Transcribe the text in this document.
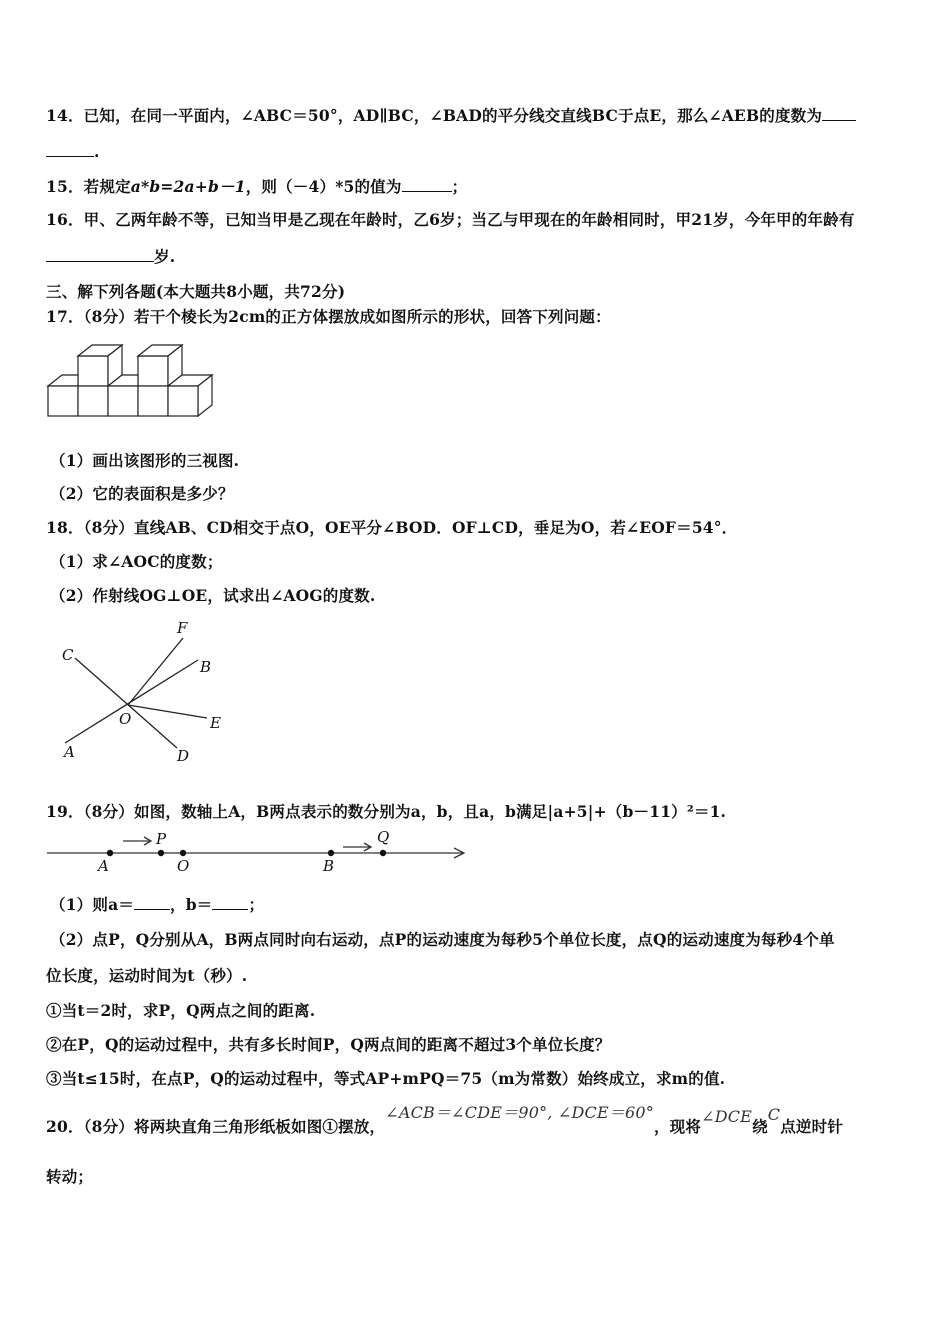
14．已知，在同一平面内，∠ABC＝50°，AD∥BC，∠BAD的平分线交直线BC于点E，那么∠AEB的度数为
.
15．若规定a*b=2a+b－1，则（－4）*5的值为	；
16．甲、乙两年龄不等，已知当甲是乙现在年龄时，乙6岁；当乙与甲现在的年龄相同时，甲21岁，今年甲的年龄有
岁.
三、解下列各题(本大题共8小题，共72分)
17．（8分）若干个棱长为2cm的正方体摆放成如图所示的形状，回答下列问题：
（1）画出该图形的三视图.
（2）它的表面积是多少？
18．（8分）直线AB、CD相交于点O，OE平分∠BOD．OF⊥CD，垂足为O，若∠EOF＝54°．
（1）求∠AOC的度数；
（2）作射线OG⊥OE，试求出∠AOG的度数.
C
F
B
O	E
A	D
19．（8分）如图，数轴上A，B两点表示的数分别为a，b，且a，b满足|a+5|+（b－11）²＝1.
P	Q
A	O	B
（1）则a＝ ，b＝ ；
（2）点P，Q分别从A，B两点同时向右运动，点P的运动速度为每秒5个单位长度，点Q的运动速度为每秒4个单
位长度，运动时间为t（秒）.
①当t＝2时，求P，Q两点之间的距离.
②在P，Q的运动过程中，共有多长时间P，Q两点间的距离不超过3个单位长度？
③当t≤15时，在点P，Q的运动过程中，等式AP+mPQ＝75（m为常数）始终成立，求m的值.
20．（8分）将两块直角三角形纸板如图①摆放，∠ACB＝∠CDE＝90°, ∠DCE＝60°，现将∠DCE绕C点逆时针
转动；
